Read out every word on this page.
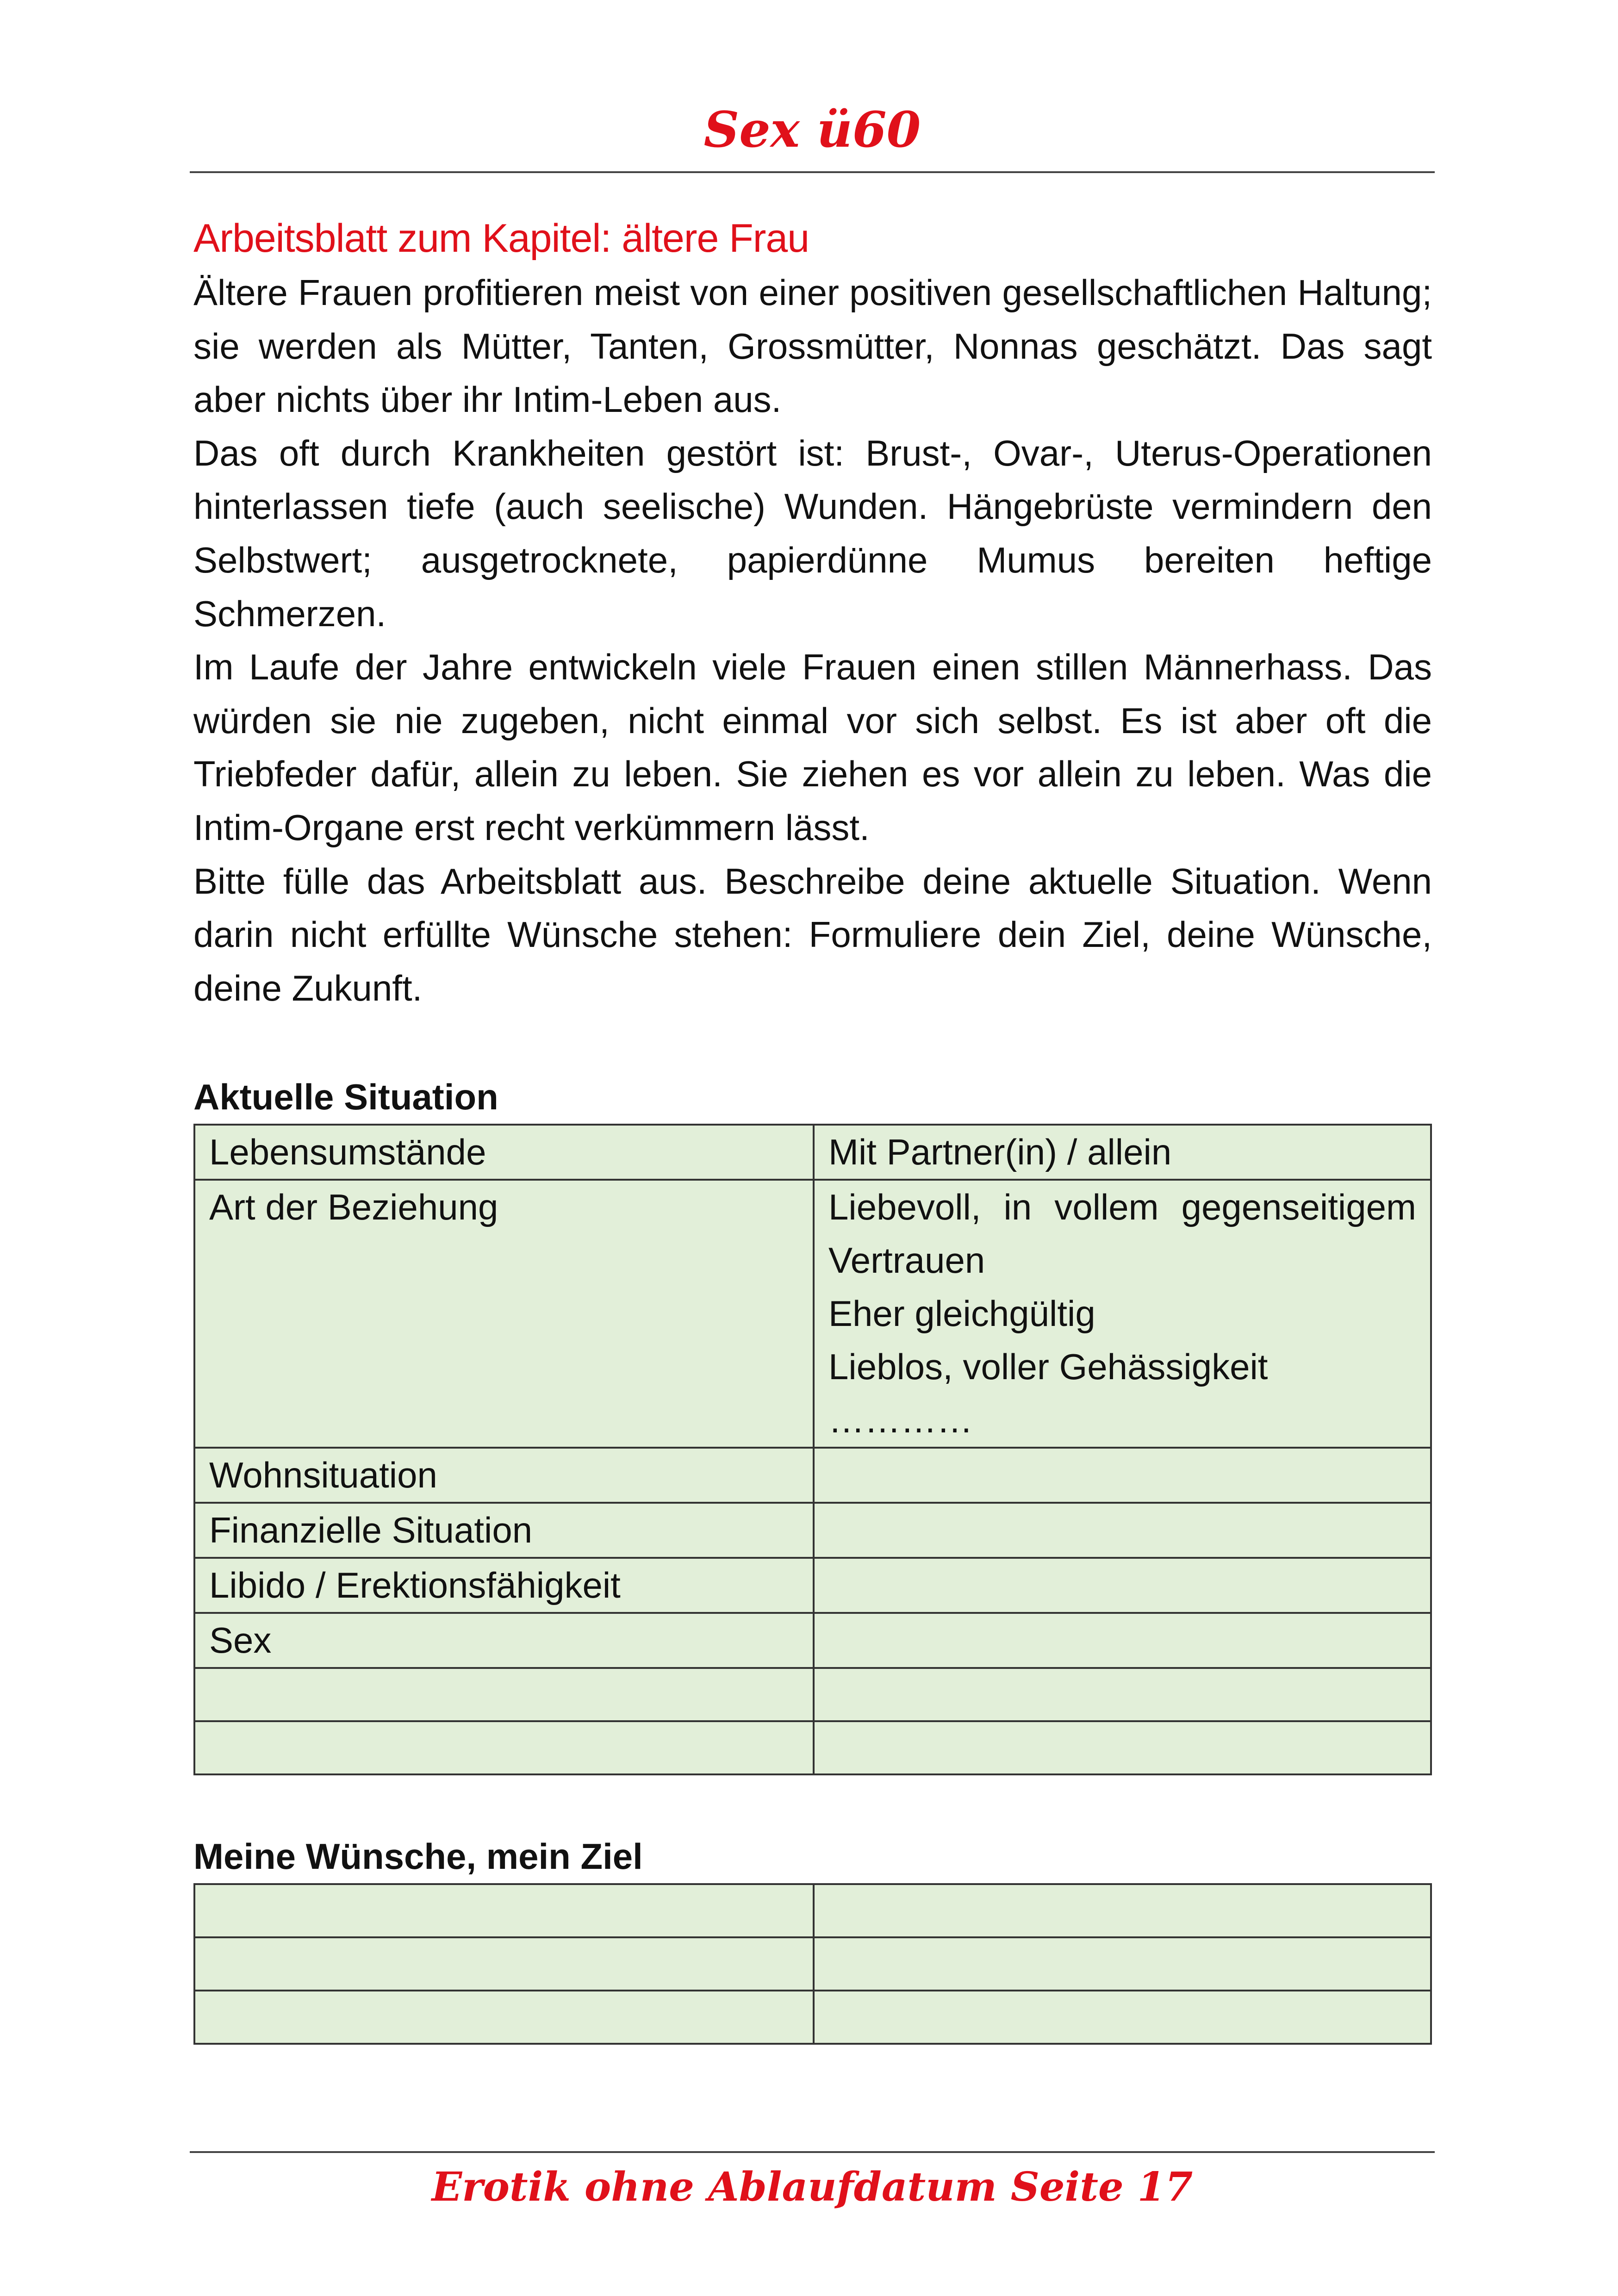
Sex ü60
Arbeitsblatt zum Kapitel: ältere Frau

Ältere Frauen profitieren meist von einer positiven gesellschaftlichen Haltung; sie werden als Mütter, Tanten, Grossmütter, Nonnas geschätzt. Das sagt aber nichts über ihr Intim-Leben aus.

Das oft durch Krankheiten gestört ist: Brust-, Ovar-, Uterus-Operationen hinterlassen tiefe (auch seelische) Wunden. Hängebrüste vermindern den Selbstwert; ausgetrocknete, papierdünne Mumus bereiten heftige Schmerzen.

Im Laufe der Jahre entwickeln viele Frauen einen stillen Männerhass. Das würden sie nie zugeben, nicht einmal vor sich selbst. Es ist aber oft die Triebfeder dafür, allein zu leben. Sie ziehen es vor allein zu leben. Was die Intim-Organe erst recht verkümmern lässt.

Bitte fülle das Arbeitsblatt aus. Beschreibe deine aktuelle Situation. Wenn darin nicht erfüllte Wünsche stehen: Formuliere dein Ziel, deine Wünsche, deine Zukunft.

Aktuelle Situation
Lebensumstände	Mit Partner(in) / allein

Art der Beziehung	Liebevoll, in vollem gegenseitigem Vertrauen
Eher gleichgültig
Lieblos, voller Gehässigkeit
…………

Wohnsituation	
Finanzielle Situation	
Libido / Erektionsfähigkeit	
Sex	

Meine Wünsche, mein Ziel

Erotik ohne Ablaufdatum Seite 17
